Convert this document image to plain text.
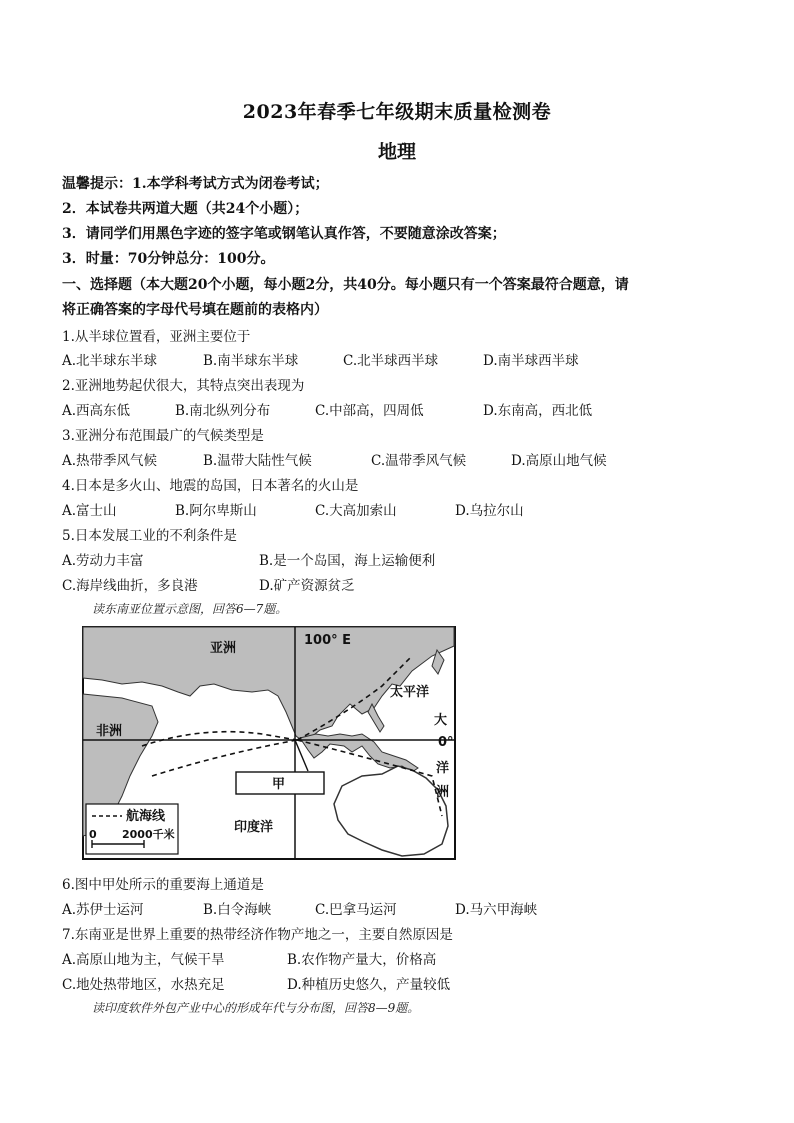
2023年春季七年级期末质量检测卷
地理
温馨提示：1.本学科考试方式为闭卷考试；
2．本试卷共两道大题（共24个小题）；
3．请同学们用黑色字迹的签字笔或钢笔认真作答，不要随意涂改答案；
3．时量：70分钟总分：100分。
一、选择题（本大题20个小题，每小题2分，共40分。每小题只有一个答案最符合题意，请
将正确答案的字母代号填在题前的表格内）
1.从半球位置看，亚洲主要位于
A.北半球东半球	B.南半球东半球	C.北半球西半球	D.南半球西半球
2.亚洲地势起伏很大，其特点突出表现为
A.西高东低	B.南北纵列分布	C.中部高，四周低	D.东南高，西北低
3.亚洲分布范围最广的气候类型是
A.热带季风气候	B.温带大陆性气候	C.温带季风气候	D.高原山地气候
4.日本是多火山、地震的岛国，日本著名的火山是
A.富士山	B.阿尔卑斯山	C.大高加索山	D.乌拉尔山
5.日本发展工业的不利条件是
A.劳动力丰富	B.是一个岛国，海上运输便利
C.海岸线曲折，多良港	D.矿产资源贫乏
读东南亚位置示意图，回答6—7题。
亚洲
100° E
太平洋
大
0°
洋
洲
非洲
甲
印度洋
航海线
0 2000千米
6.图中甲处所示的重要海上通道是
A.苏伊士运河	B.白令海峡	C.巴拿马运河	D.马六甲海峡
7.东南亚是世界上重要的热带经济作物产地之一，主要自然原因是
A.高原山地为主，气候干旱	B.农作物产量大，价格高
C.地处热带地区，水热充足	D.种植历史悠久，产量较低
读印度软件外包产业中心的形成年代与分布图，回答8—9题。
